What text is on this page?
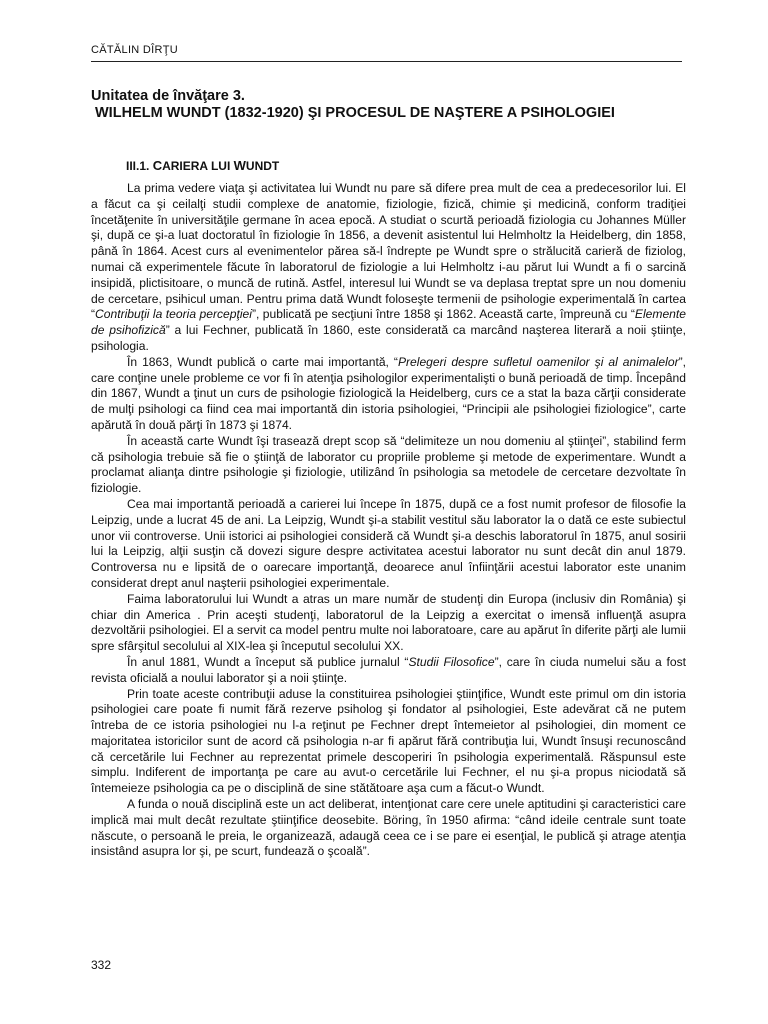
CĂTĂLIN DÎRŢU
Unitatea de învăţare 3.
WILHELM WUNDT (1832-1920) ŞI PROCESUL DE NAŞTERE A PSIHOLOGIEI
III.1. CARIERA LUI WUNDT

La prima vedere viaţa şi activitatea lui Wundt nu pare să difere prea mult de cea a predecesorilor lui. El a făcut ca şi ceilalţi studii complexe de anatomie, fiziologie, fizică, chimie şi medicină, conform tradiţiei încetăţenite în universităţile germane în acea epocă. A studiat o scurtă perioadă fiziologia cu Johannes Müller şi, după ce şi-a luat doctoratul în fiziologie în 1856, a devenit asistentul lui Helmholtz la Heidelberg, din 1858, până în 1864. Acest curs al evenimentelor părea să-l îndrepte pe Wundt spre o strălucită carieră de fiziolog, numai că experimentele făcute în laboratorul de fiziologie a lui Helmholtz i-au părut lui Wundt a fi o sarcină insipidă, plictisitoare, o muncă de rutină. Astfel, interesul lui Wundt se va deplasa treptat spre un nou domeniu de cercetare, psihicul uman. Pentru prima dată Wundt foloseşte termenii de psihologie experimentală în cartea “Contribuţii la teoria percepţiei”, publicată pe secţiuni între 1858 şi 1862. Această carte, împreună cu “Elemente de psihofizică” a lui Fechner, publicată în 1860, este considerată ca marcând naşterea literară a noii ştiinţe, psihologia.

În 1863, Wundt publică o carte mai importantă, “Prelegeri despre sufletul oamenilor şi al animalelor”, care conţine unele probleme ce vor fi în atenţia psihologilor experimentalişti o bună perioadă de timp. Începând din 1867, Wundt a ţinut un curs de psihologie fiziologică la Heidelberg, curs ce a stat la baza cărţii considerate de mulţi psihologi ca fiind cea mai importantă din istoria psihologiei, “Principii ale psihologiei fiziologice”, carte apărută în două părţi în 1873 şi 1874.

În această carte Wundt îşi trasează drept scop să “delimiteze un nou domeniu al ştiinţei”, stabilind ferm că psihologia trebuie să fie o ştiinţă de laborator cu propriile probleme şi metode de experimentare. Wundt a proclamat alianţa dintre psihologie şi fiziologie, utilizând în psihologia sa metodele de cercetare dezvoltate în fiziologie.

Cea mai importantă perioadă a carierei lui începe în 1875, după ce a fost numit profesor de filosofie la Leipzig, unde a lucrat 45 de ani. La Leipzig, Wundt şi-a stabilit vestitul său laborator la o dată ce este subiectul unor vii controverse. Unii istorici ai psihologiei consideră că Wundt şi-a deschis laboratorul în 1875, anul sosirii lui la Leipzig, alţii susţin că dovezi sigure despre activitatea acestui laborator nu sunt decât din anul 1879. Controversa nu e lipsită de o oarecare importanţă, deoarece anul înfiinţării acestui laborator este unanim considerat drept anul naşterii psihologiei experimentale.

Faima laboratorului lui Wundt a atras un mare număr de studenţi din Europa (inclusiv din România) şi chiar din America . Prin aceşti studenţi, laboratorul de la Leipzig a exercitat o imensă influenţă asupra dezvoltării psihologiei. El a servit ca model pentru multe noi laboratoare, care au apărut în diferite părţi ale lumii spre sfârşitul secolului al XIX-lea şi începutul secolului XX.

În anul 1881, Wundt a început să publice jurnalul “Studii Filosofice”, care în ciuda numelui său a fost revista oficială a noului laborator şi a noii ştiinţe.

Prin toate aceste contribuţii aduse la constituirea psihologiei ştiinţifice, Wundt este primul om din istoria psihologiei care poate fi numit fără rezerve psiholog şi fondator al psihologiei, Este adevărat că ne putem întreba de ce istoria psihologiei nu l-a reţinut pe Fechner drept întemeietor al psihologiei, din moment ce majoritatea istoricilor sunt de acord că psihologia n-ar fi apărut fără contribuţia lui, Wundt însuşi recunoscând că cercetările lui Fechner au reprezentat primele descoperiri în psihologia experimentală. Răspunsul este simplu. Indiferent de importanţa pe care au avut-o cercetările lui Fechner, el nu şi-a propus niciodată să întemeieze psihologia ca pe o disciplină de sine stătătoare aşa cum a făcut-o Wundt.

A funda o nouă disciplină este un act deliberat, intenţionat care cere unele aptitudini şi caracteristici care implică mai mult decât rezultate ştiinţifice deosebite. Böring, în 1950 afirma: “când ideile centrale sunt toate născute, o persoană le preia, le organizează, adaugă ceea ce i se pare ei esenţial, le publică şi atrage atenţia insistând asupra lor şi, pe scurt, fundează o şcoală”.

332
